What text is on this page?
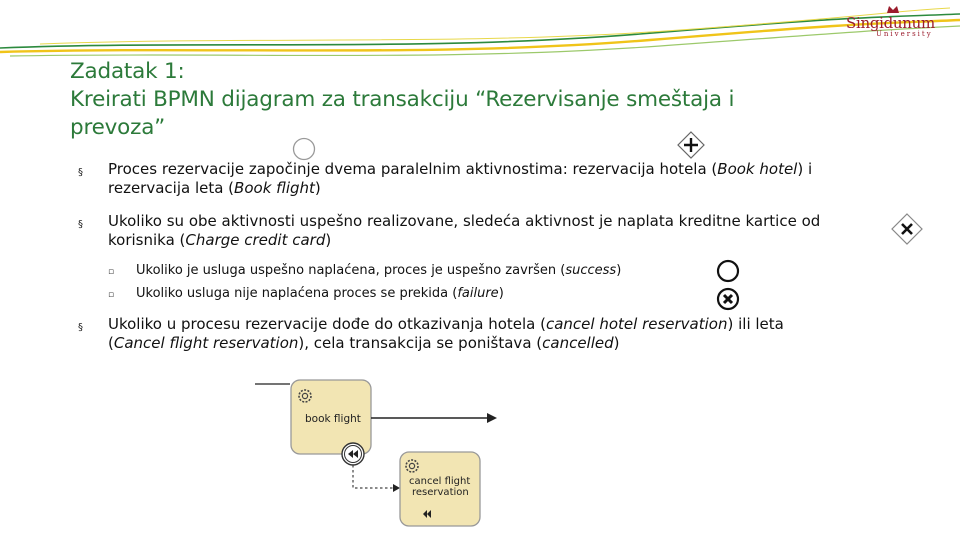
Singidunum
University
Zadatak 1:
Kreirati BPMN dijagram za transakciju “Rezervisanje smeštaja i
prevoza”
§ Proces rezervacije započinje dvema paralelnim aktivnostima: rezervacija hotela (Book hotel) i
rezervacija leta (Book flight)
§ Ukoliko su obe aktivnosti uspešno realizovane, sledeća aktivnost je naplata kreditne kartice od
korisnika (Charge credit card)
▫ Ukoliko je usluga uspešno naplaćena, proces je uspešno završen (success)
▫ Ukoliko usluga nije naplaćena proces se prekida (failure)
§ Ukoliko u procesu rezervacije dođe do otkazivanja hotela (cancel hotel reservation) ili leta
(Cancel flight reservation), cela transakcija se poništava (cancelled)
book flight
cancel flight
reservation
